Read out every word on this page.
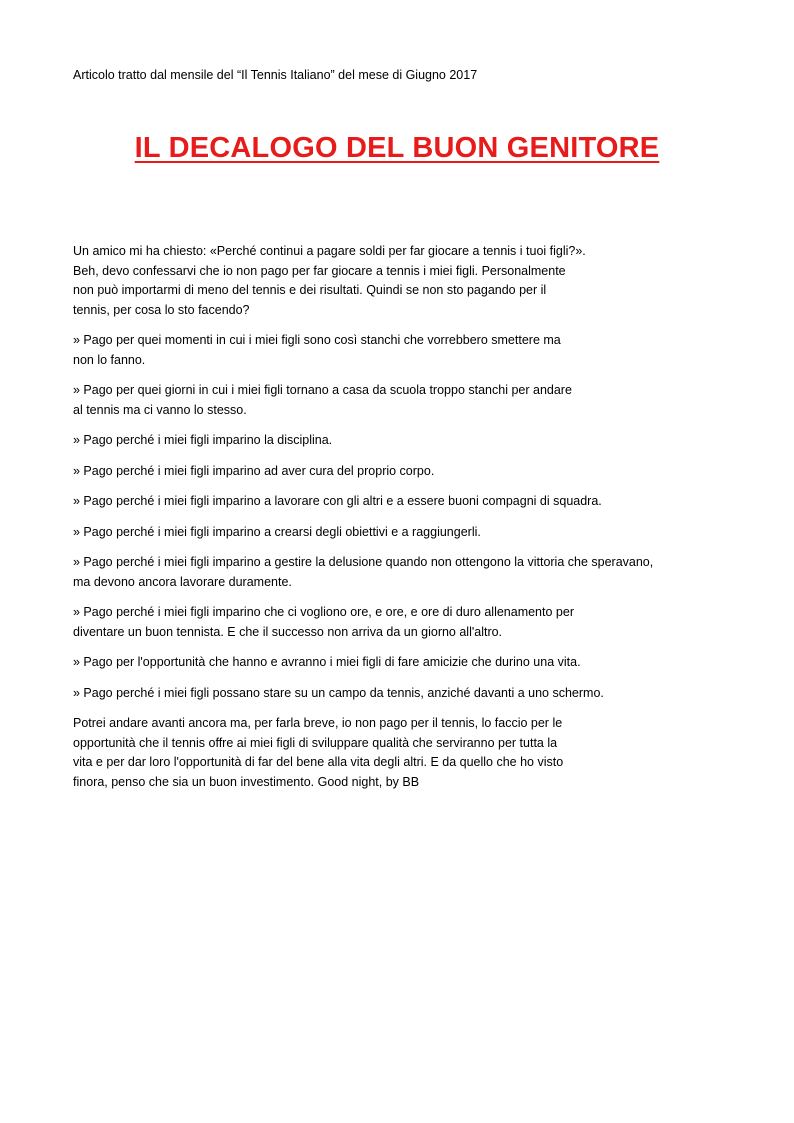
Articolo tratto dal mensile del “Il Tennis Italiano” del mese di Giugno 2017
IL DECALOGO DEL BUON GENITORE

Un amico mi ha chiesto: «Perché continui a pagare soldi per far giocare a tennis i tuoi figli?».
Beh, devo confessarvi che io non pago per far giocare a tennis i miei figli. Personalmente
non può importarmi di meno del tennis e dei risultati. Quindi se non sto pagando per il
tennis, per cosa lo sto facendo?

» Pago per quei momenti in cui i miei figli sono così stanchi che vorrebbero smettere ma
non lo fanno.

» Pago per quei giorni in cui i miei figli tornano a casa da scuola troppo stanchi per andare
al tennis ma ci vanno lo stesso.

» Pago perché i miei figli imparino la disciplina.

» Pago perché i miei figli imparino ad aver cura del proprio corpo.

» Pago perché i miei figli imparino a lavorare con gli altri e a essere buoni compagni di squadra.

» Pago perché i miei figli imparino a crearsi degli obiettivi e a raggiungerli.

» Pago perché i miei figli imparino a gestire la delusione quando non ottengono la vittoria che speravano,
ma devono ancora lavorare duramente.

» Pago perché i miei figli imparino che ci vogliono ore, e ore, e ore di duro allenamento per
diventare un buon tennista. E che il successo non arriva da un giorno all'altro.

» Pago per l'opportunità che hanno e avranno i miei figli di fare amicizie che durino una vita.

» Pago perché i miei figli possano stare su un campo da tennis, anziché davanti a uno schermo.

Potrei andare avanti ancora ma, per farla breve, io non pago per il tennis, lo faccio per le
opportunità che il tennis offre ai miei figli di sviluppare qualità che serviranno per tutta la
vita e per dar loro l'opportunità di far del bene alla vita degli altri. E da quello che ho visto
finora, penso che sia un buon investimento. Good night, by BB
